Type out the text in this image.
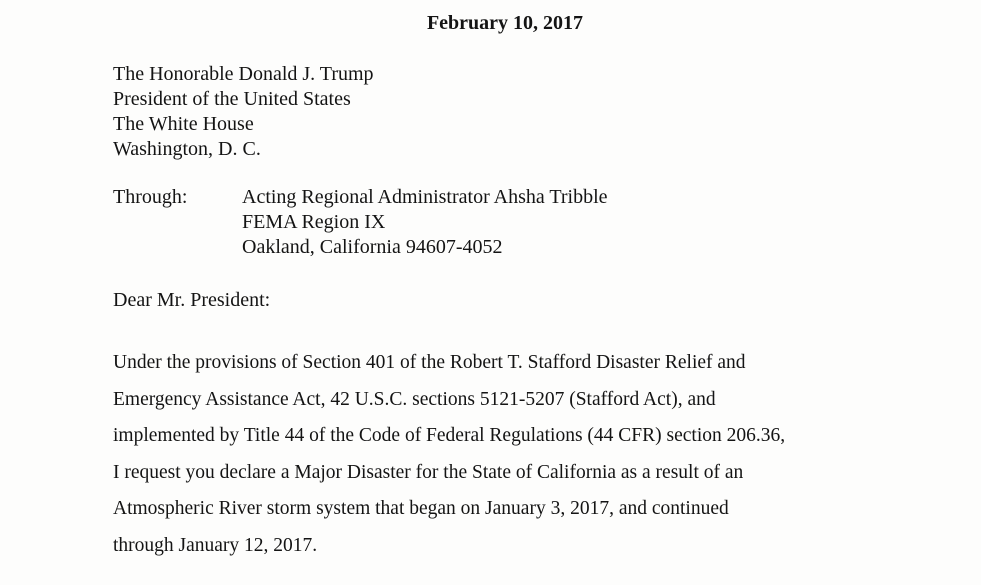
February 10, 2017
The Honorable Donald J. Trump
President of the United States
The White House
Washington, D. C.
Through:	Acting Regional Administrator Ahsha Tribble
FEMA Region IX
Oakland, California 94607-4052
Dear Mr. President:
Under the provisions of Section 401 of the Robert T. Stafford Disaster Relief and
Emergency Assistance Act, 42 U.S.C. sections 5121-5207 (Stafford Act), and
implemented by Title 44 of the Code of Federal Regulations (44 CFR) section 206.36,
I request you declare a Major Disaster for the State of California as a result of an
Atmospheric River storm system that began on January 3, 2017, and continued
through January 12, 2017.
